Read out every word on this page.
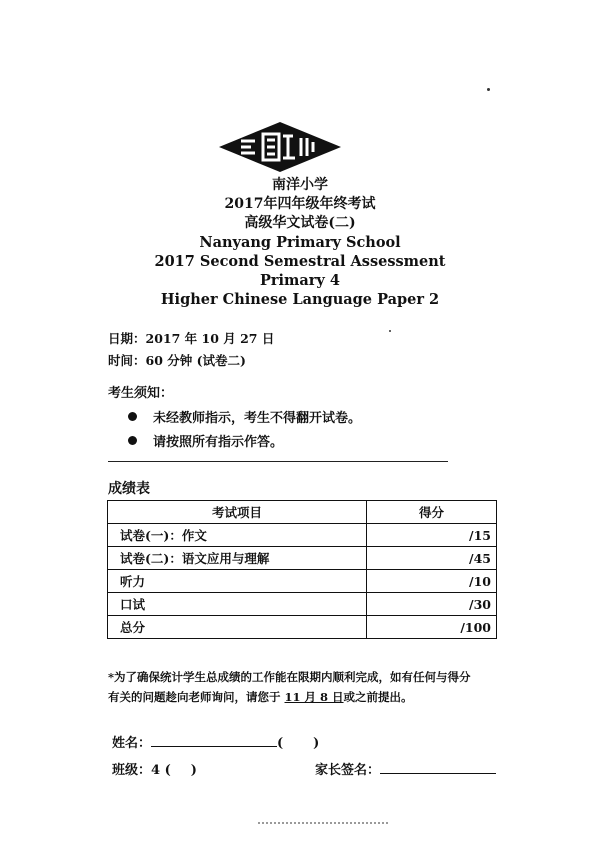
南洋小学
2017年四年级年终考试
高级华文试卷(二)
Nanyang Primary School
2017 Second Semestral Assessment
Primary 4
Higher Chinese Language Paper 2
日期：2017 年 10 月 27 日
时间：60 分钟 (试卷二)
考生须知：
未经教师指示，考生不得翻开试卷。
请按照所有指示作答。
成绩表
考试项目	得分
试卷(一)：作文	/15
试卷(二)：语文应用与理解	/45
听力	/10
口试	/30
总分	/100
*为了确保统计学生总成绩的工作能在限期内顺利完成，如有任何与得分
有关的问题趁向老师询问，请您于 11 月 8 日或之前提出。
姓名：	( )
班级：4 ( )	家长签名：
